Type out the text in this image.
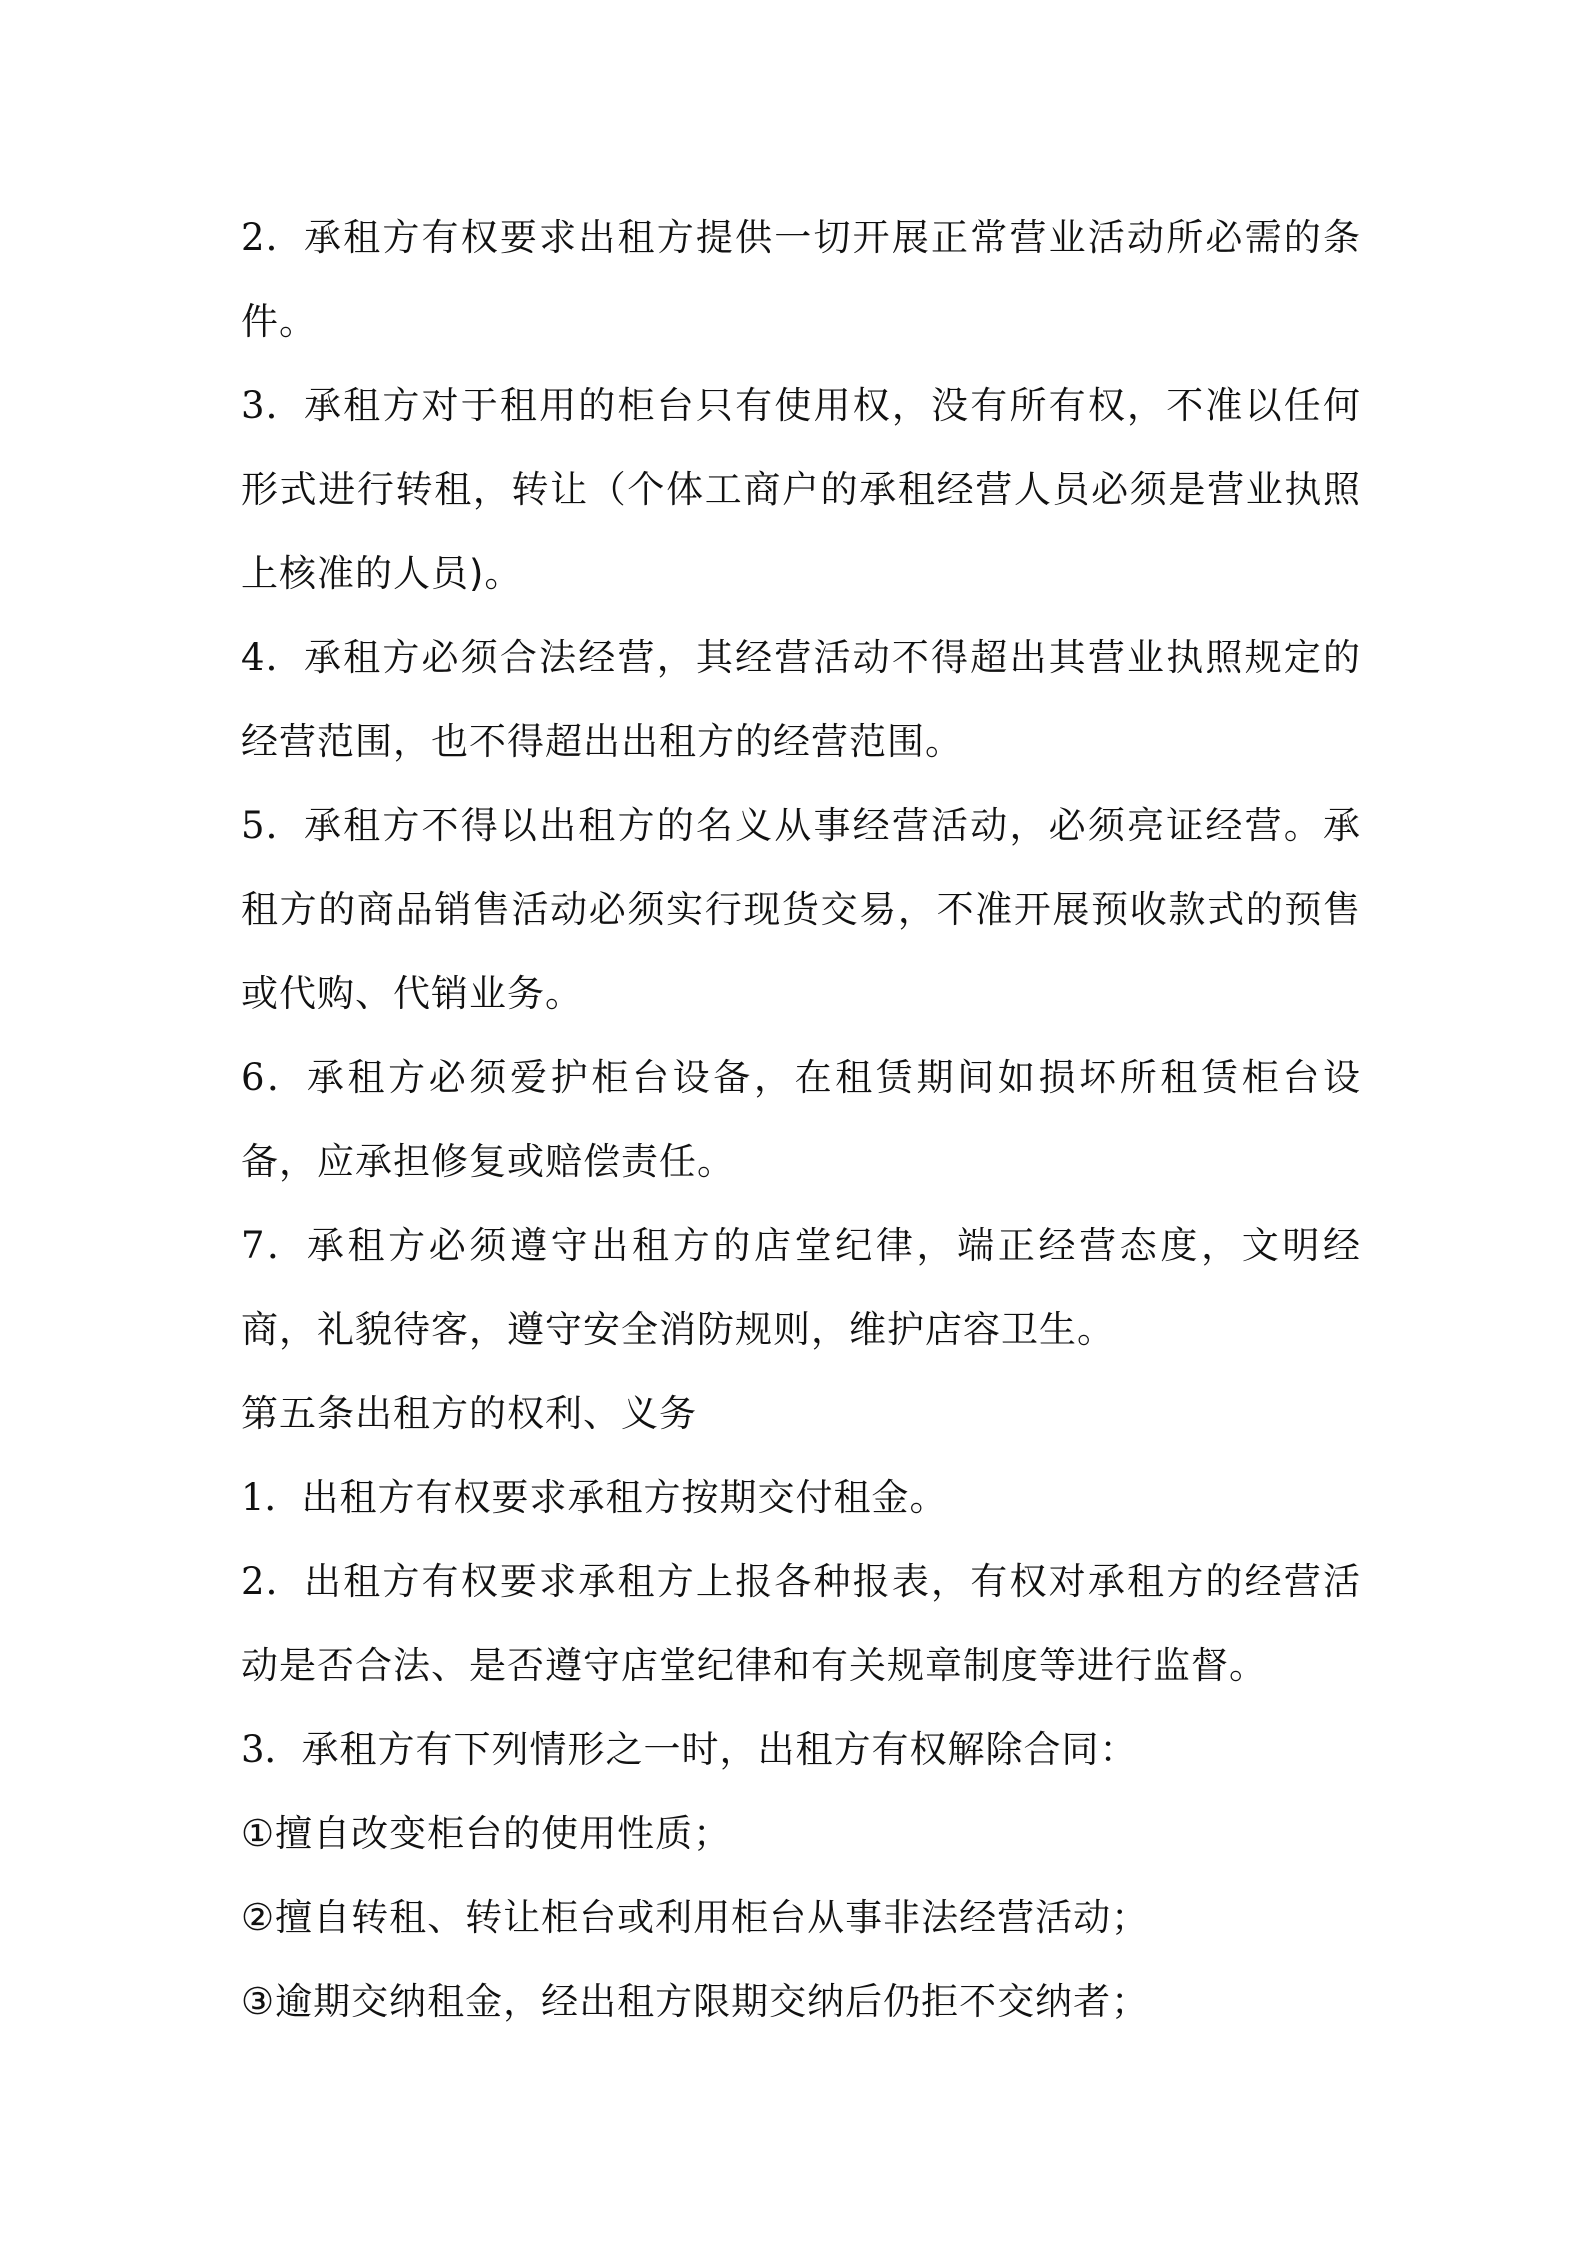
2．承租方有权要求出租方提供一切开展正常营业活动所必需的条件。

3．承租方对于租用的柜台只有使用权，没有所有权，不准以任何形式进行转租，转让（个体工商户的承租经营人员必须是营业执照上核准的人员)。

4．承租方必须合法经营，其经营活动不得超出其营业执照规定的经营范围，也不得超出出租方的经营范围。

5．承租方不得以出租方的名义从事经营活动，必须亮证经营。承租方的商品销售活动必须实行现货交易，不准开展预收款式的预售或代购、代销业务。

6．承租方必须爱护柜台设备，在租赁期间如损坏所租赁柜台设备，应承担修复或赔偿责任。

7．承租方必须遵守出租方的店堂纪律，端正经营态度，文明经商，礼貌待客，遵守安全消防规则，维护店容卫生。

第五条出租方的权利、义务

1．出租方有权要求承租方按期交付租金。

2．出租方有权要求承租方上报各种报表，有权对承租方的经营活动是否合法、是否遵守店堂纪律和有关规章制度等进行监督。

3．承租方有下列情形之一时，出租方有权解除合同：

①擅自改变柜台的使用性质；

②擅自转租、转让柜台或利用柜台从事非法经营活动；

③逾期交纳租金，经出租方限期交纳后仍拒不交纳者；
